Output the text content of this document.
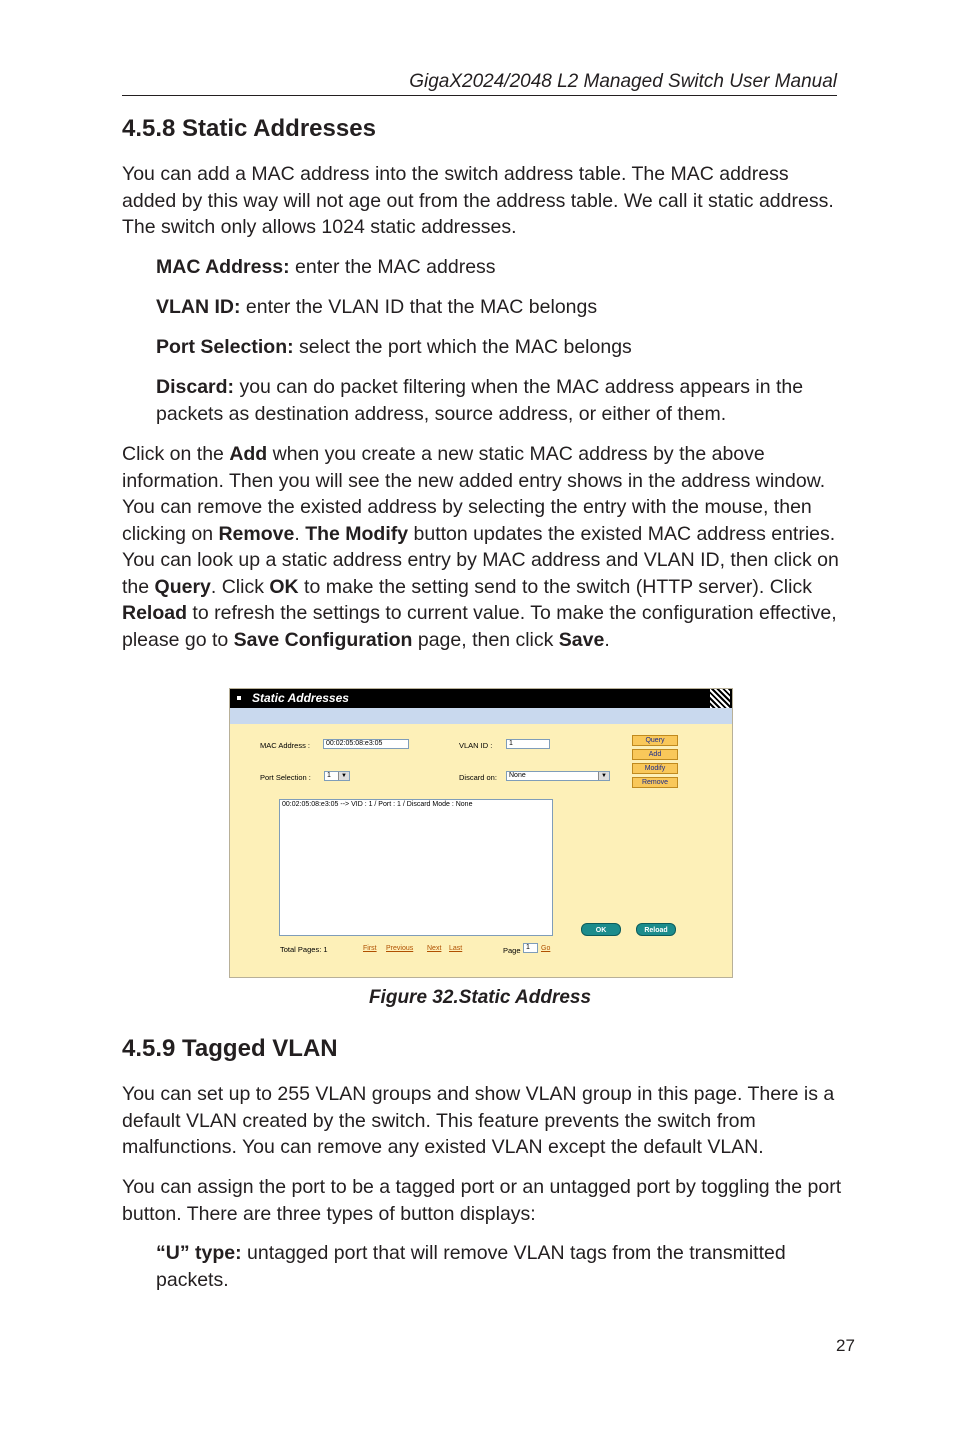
GigaX2024/2048 L2 Managed Switch User Manual
4.5.8 Static Addresses

You can add a MAC address into the switch address table. The MAC address added by this way will not age out from the address table. We call it static address. The switch only allows 1024 static addresses.

MAC Address: enter the MAC address

VLAN ID: enter the VLAN ID that the MAC belongs

Port Selection: select the port which the MAC belongs

Discard: you can do packet filtering when the MAC address appears in the packets as destination address, source address, or either of them.

Click on the Add when you create a new static MAC address by the above information. Then you will see the new added entry shows in the address window. You can remove the existed address by selecting the entry with the mouse, then clicking on Remove. The Modify button updates the existed MAC address entries. You can look up a static address entry by MAC address and VLAN ID, then click on the Query. Click OK to make the setting send to the switch (HTTP server). Click Reload to refresh the settings to current value. To make the configuration effective, please go to Save Configuration page, then click Save.

Static Addresses
MAC Address :	00:02:05:08:e3:05	VLAN ID :	1
Port Selection :	1	▼	Discard on:	None	▼
Query
Add
Modify
Remove
00:02:05:08:e3:05 --> VID : 1 / Port : 1 / Discard Mode : None
OK	Reload
Total Pages: 1	First Previous Next Last	Page 1	Go
Figure 32.Static Address
4.5.9 Tagged VLAN

You can set up to 255 VLAN groups and show VLAN group in this page. There is a default VLAN created by the switch. This feature prevents the switch from malfunctions. You can remove any existed VLAN except the default VLAN.

You can assign the port to be a tagged port or an untagged port by toggling the port button. There are three types of button displays:

“U” type: untagged port that will remove VLAN tags from the transmitted packets.

27
